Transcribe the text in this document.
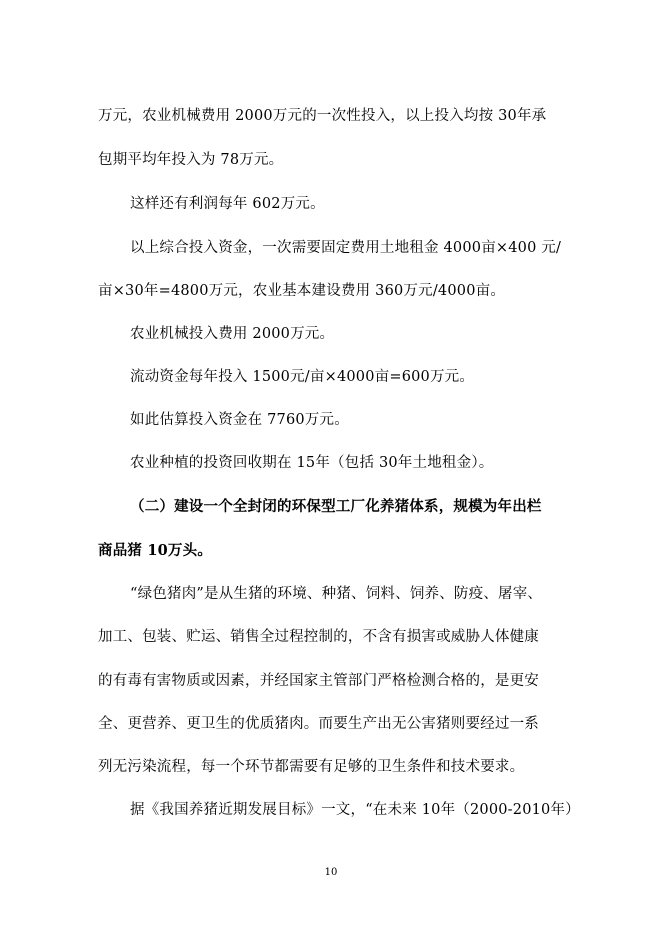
万元，农业机械费用 2000万元的一次性投入，以上投入均按 30年承
包期平均年投入为 78万元。
这样还有利润每年 602万元。
以上综合投入资金，一次需要固定费用土地租金 4000亩×400 元/
亩×30年=4800万元，农业基本建设费用 360万元/4000亩。
农业机械投入费用 2000万元。
流动资金每年投入 1500元/亩×4000亩=600万元。
如此估算投入资金在 7760万元。
农业种植的投资回收期在 15年（包括 30年土地租金）。
（二）建设一个全封闭的环保型工厂化养猪体系，规模为年出栏
商品猪 10万头。
“绿色猪肉”是从生猪的环境、种猪、饲料、饲养、防疫、屠宰、
加工、包装、贮运、销售全过程控制的，不含有损害或威胁人体健康
的有毒有害物质或因素，并经国家主管部门严格检测合格的，是更安
全、更营养、更卫生的优质猪肉。而要生产出无公害猪则要经过一系
列无污染流程，每一个环节都需要有足够的卫生条件和技术要求。
据《我国养猪近期发展目标》一文，“在未来 10年（2000-2010年）
10
